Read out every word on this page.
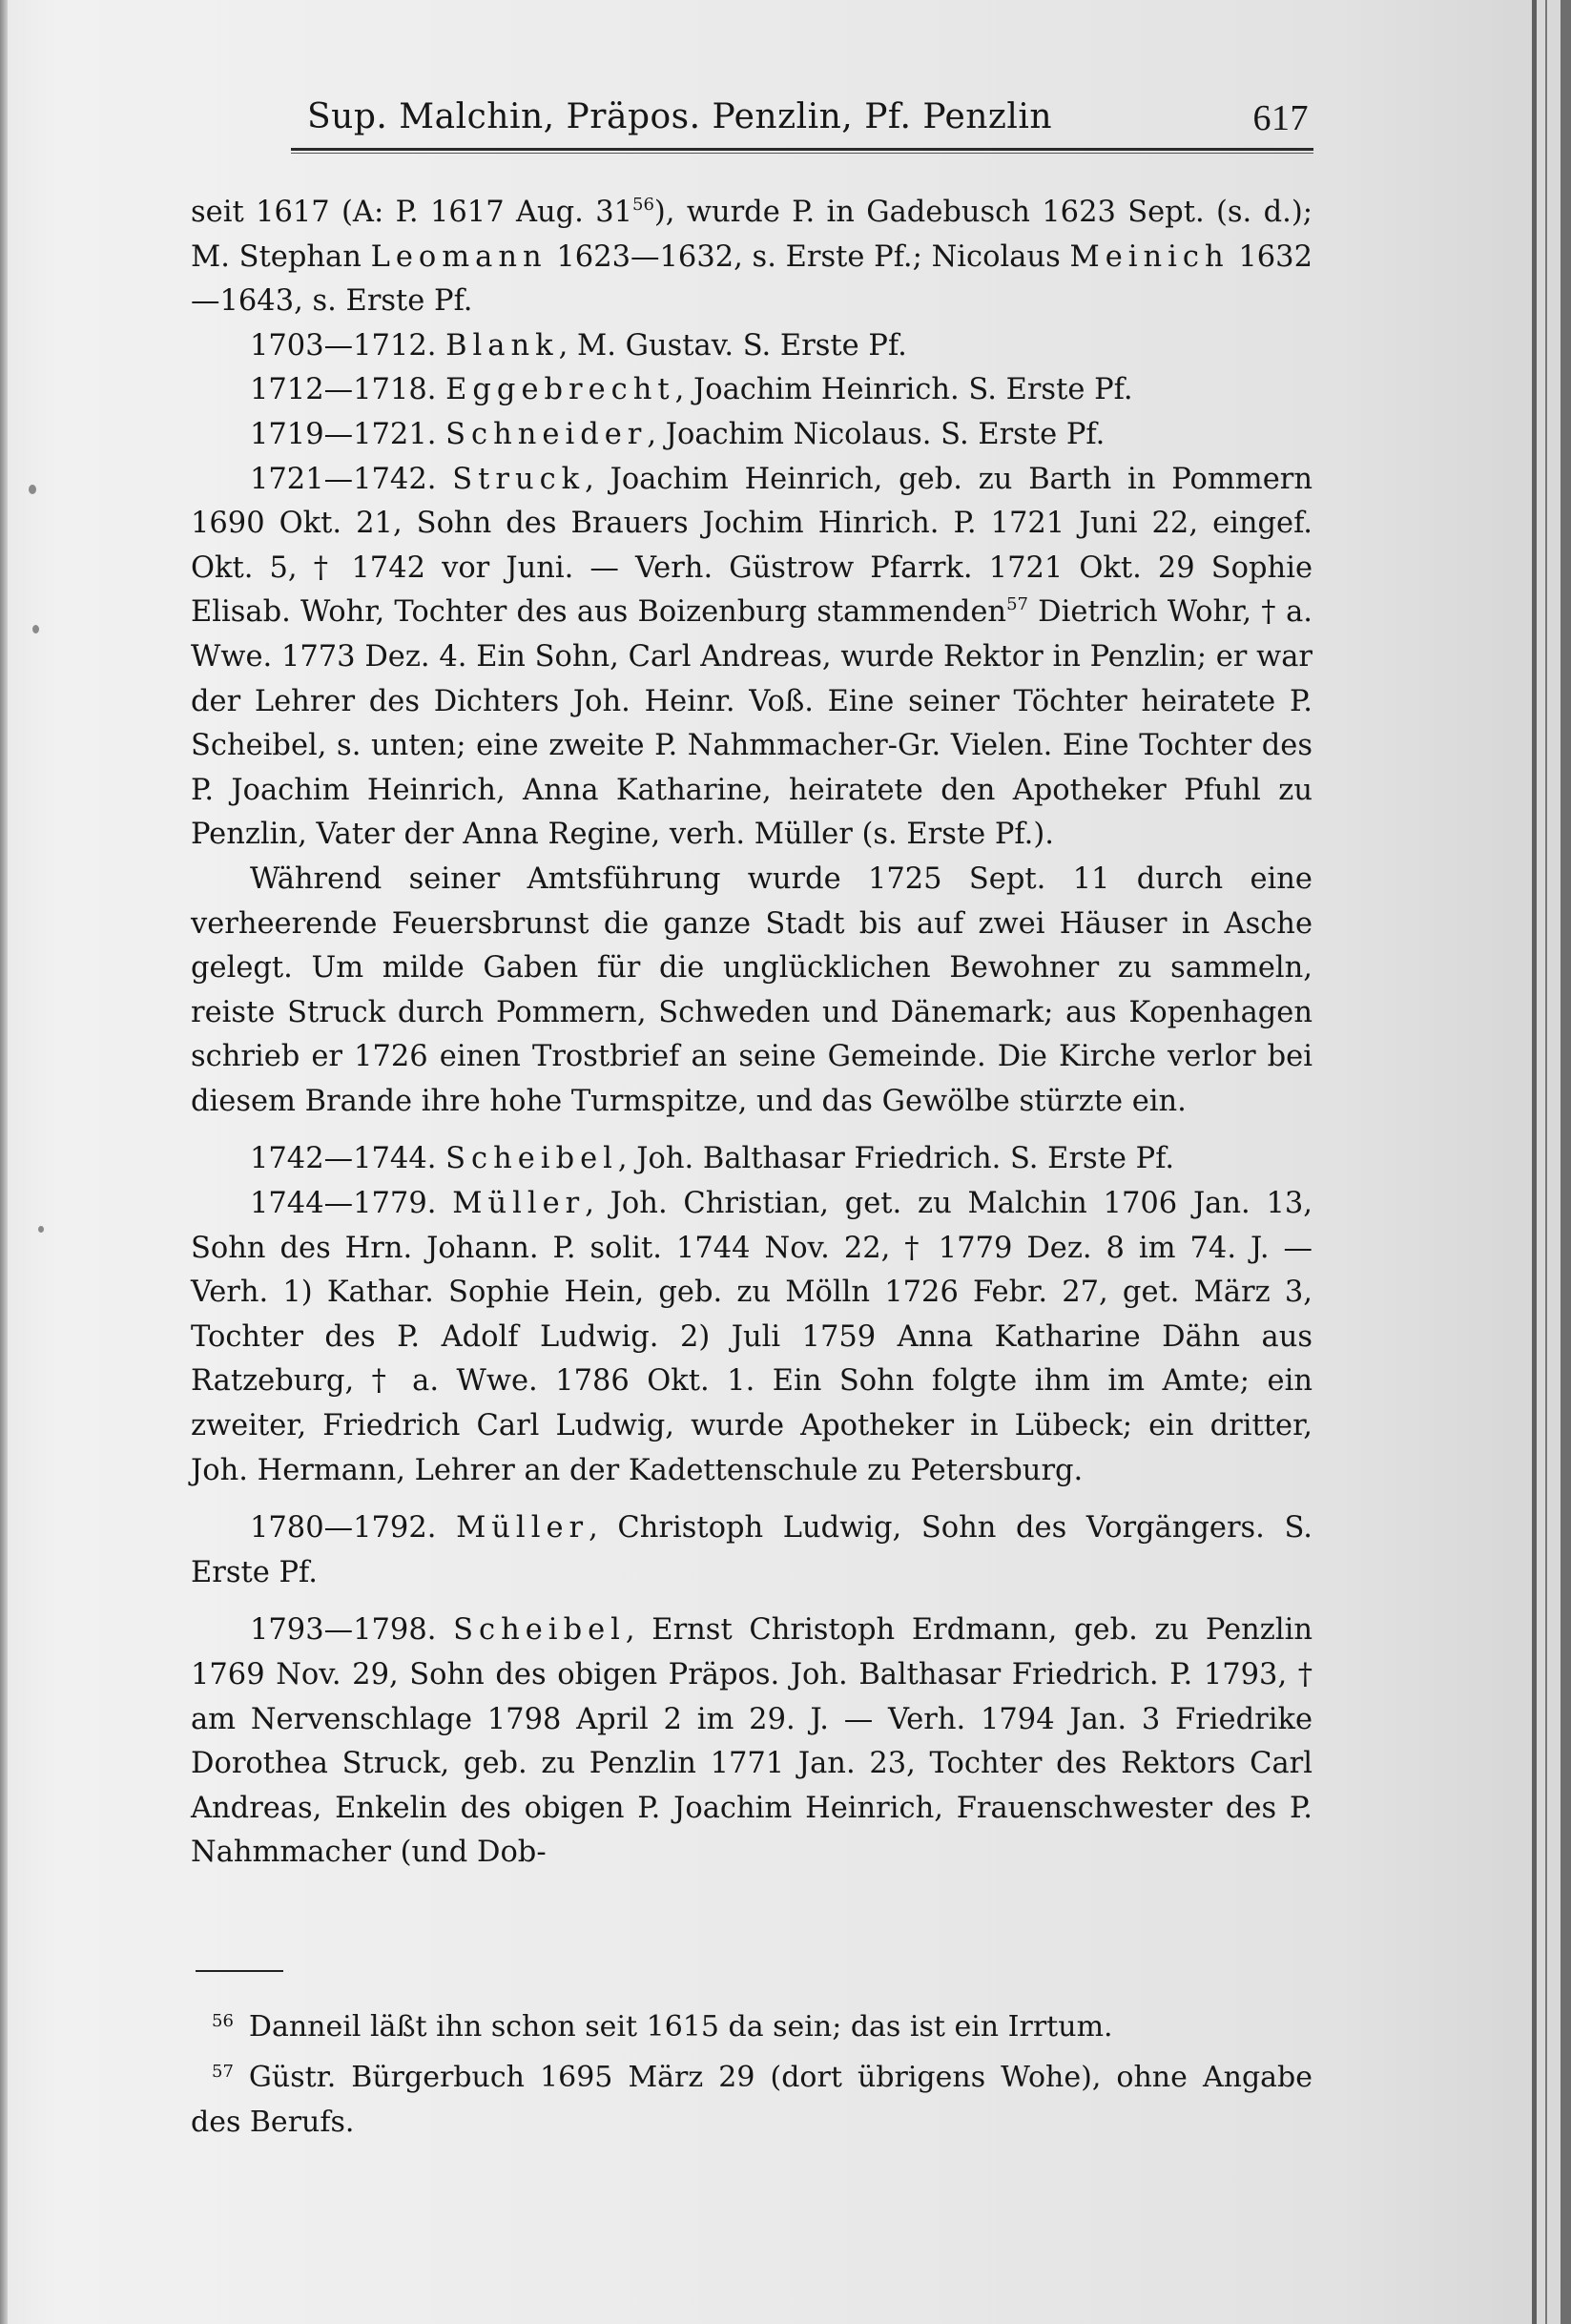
Sup. Malchin, Präpos. Penzlin, Pf. Penzlin	617

seit 1617 (A: P. 1617 Aug. $31^{56}$), wurde P. in Gadebusch 1623 Sept. (s. d.); M. Stephan Leomann 1623—1632, s. Erste Pf.; Nicolaus Meinich 1632—1643, s. Erste Pf.

1703—1712. Blank, M. Gustav. S. Erste Pf.

1712—1718. Eggebrecht, Joachim Heinrich. S. Erste Pf.

1719—1721. Schneider, Joachim Nicolaus. S. Erste Pf.

1721—1742. Struck, Joachim Heinrich, geb. zu Barth in Pommern 1690 Okt. 21, Sohn des Brauers Jochim Hinrich. P. 1721 Juni 22, eingef. Okt. 5, † 1742 vor Juni. — Verh. Güstrow Pfarrk. 1721 Okt. 29 Sophie Elisab. Wohr, Tochter des aus Boizenburg stammenden$^{57}$ Dietrich Wohr, † a. Wwe. 1773 Dez. 4. Ein Sohn, Carl Andreas, wurde Rektor in Penzlin; er war der Lehrer des Dichters Joh. Heinr. Voß. Eine seiner Töchter heiratete P. Scheibel, s. unten; eine zweite P. Nahmmacher-Gr. Vielen. Eine Tochter des P. Joachim Heinrich, Anna Katharine, heiratete den Apotheker Pfuhl zu Penzlin, Vater der Anna Regine, verh. Müller (s. Erste Pf.).

Während seiner Amtsführung wurde 1725 Sept. 11 durch eine verheerende Feuersbrunst die ganze Stadt bis auf zwei Häuser in Asche gelegt. Um milde Gaben für die unglücklichen Bewohner zu sammeln, reiste Struck durch Pommern, Schweden und Dänemark; aus Kopenhagen schrieb er 1726 einen Trostbrief an seine Gemeinde. Die Kirche verlor bei diesem Brande ihre hohe Turmspitze, und das Gewölbe stürzte ein.

1742—1744. Scheibel, Joh. Balthasar Friedrich. S. Erste Pf.

1744—1779. Müller, Joh. Christian, get. zu Malchin 1706 Jan. 13, Sohn des Hrn. Johann. P. solit. 1744 Nov. 22, † 1779 Dez. 8 im 74. J. — Verh. 1) Kathar. Sophie Hein, geb. zu Mölln 1726 Febr. 27, get. März 3, Tochter des P. Adolf Ludwig. 2) Juli 1759 Anna Katharine Dähn aus Ratzeburg, † a. Wwe. 1786 Okt. 1. Ein Sohn folgte ihm im Amte; ein zweiter, Friedrich Carl Ludwig, wurde Apotheker in Lübeck; ein dritter, Joh. Hermann, Lehrer an der Kadettenschule zu Petersburg.

1780—1792. Müller, Christoph Ludwig, Sohn des Vorgängers. S. Erste Pf.

1793—1798. Scheibel, Ernst Christoph Erdmann, geb. zu Penzlin 1769 Nov. 29, Sohn des obigen Präpos. Joh. Balthasar Friedrich. P. 1793, † am Nervenschlage 1798 April 2 im 29. J. — Verh. 1794 Jan. 3 Friedrike Dorothea Struck, geb. zu Penzlin 1771 Jan. 23, Tochter des Rektors Carl Andreas, Enkelin des obigen P. Joachim Heinrich, Frauenschwester des P. Nahmmacher (und Dob-

$^{56}$ Danneil läßt ihn schon seit 1615 da sein; das ist ein Irrtum.

$^{57}$ Güstr. Bürgerbuch 1695 März 29 (dort übrigens Wohe), ohne Angabe des Berufs.
